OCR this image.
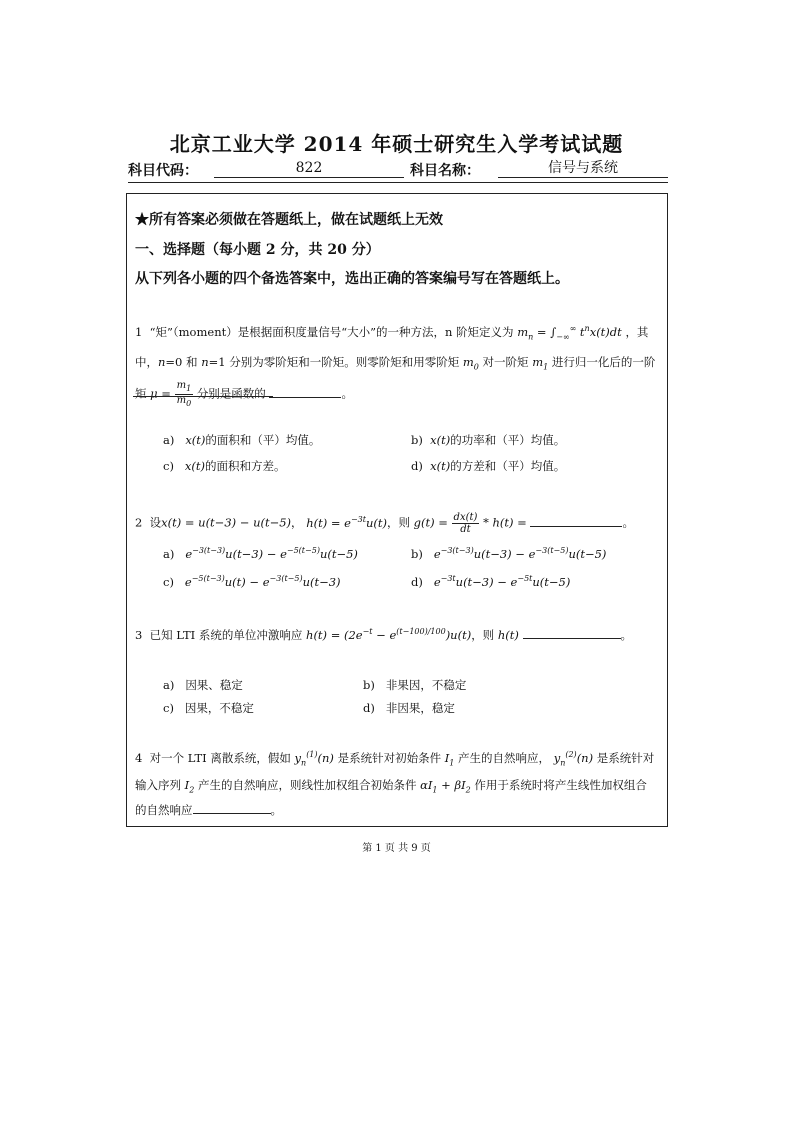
北京工业大学 2014 年硕士研究生入学考试试题
科目代码：	822	科目名称：	信号与系统
★所有答案必须做在答题纸上，做在试题纸上无效
一、选择题（每小题 2 分，共 20 分）
从下列各小题的四个备选答案中，选出正确的答案编号写在答题纸上。
1 “矩”（moment）是根据面积度量信号“大小”的一种方法，n 阶矩定义为 $m_n = \int_{-\infty}^\infty$ $t^nx(t)dt$ ，其
中，n=0 和 n=1 分别为零阶矩和一阶矩。则零阶矩和用零阶矩 $m_0$ 对一阶矩 $m_1$ 进行归一化后的一阶
矩 $\mu = \frac{m_1}{m_0}$ 分别是函数的	。
a) x(t)的面积和（平）均值。	b) x(t)的功率和（平）均值。
c) x(t)的面积和方差。	d) x(t)的方差和（平）均值。
2 设x(t) = u(t−3) − u(t−5)， $h(t) = e^{-3t}u(t)$，则 $g(t) = \frac{dx(t)}{dt} * h(t)$ =	。
a) $e^{-3(t-3)}u(t-3) - e^{-5(t-5)}u(t-5)$	b) $e^{-3(t-3)}u(t-3) - e^{-3(t-5)}u(t-5)$
c) $e^{-5(t-3)}u(t) - e^{-3(t-5)}u(t-3)$	d) $e^{-3t}u(t-3) - e^{-5t}u(t-5)$
3 已知 LTI 系统的单位冲激响应 $h(t) = (2e^{-t} - e^{(t-100)/100})u(t)$，则 h(t)	。
a) 因果、稳定	b) 非果因，不稳定
c) 因果，不稳定	d) 非因果，稳定
4 对一个 LTI 离散系统，假如 $y_n^{(1)}(n)$ 是系统针对初始条件 $I_1$ 产生的自然响应， $y_n^{(2)}(n)$ 是系统针对
输入序列 $I_2$ 产生的自然响应，则线性加权组合初始条件 $\alpha I_1 + \beta I_2$ 作用于系统时将产生线性加权组合
的自然响应	。
第 1 页 共 9 页
